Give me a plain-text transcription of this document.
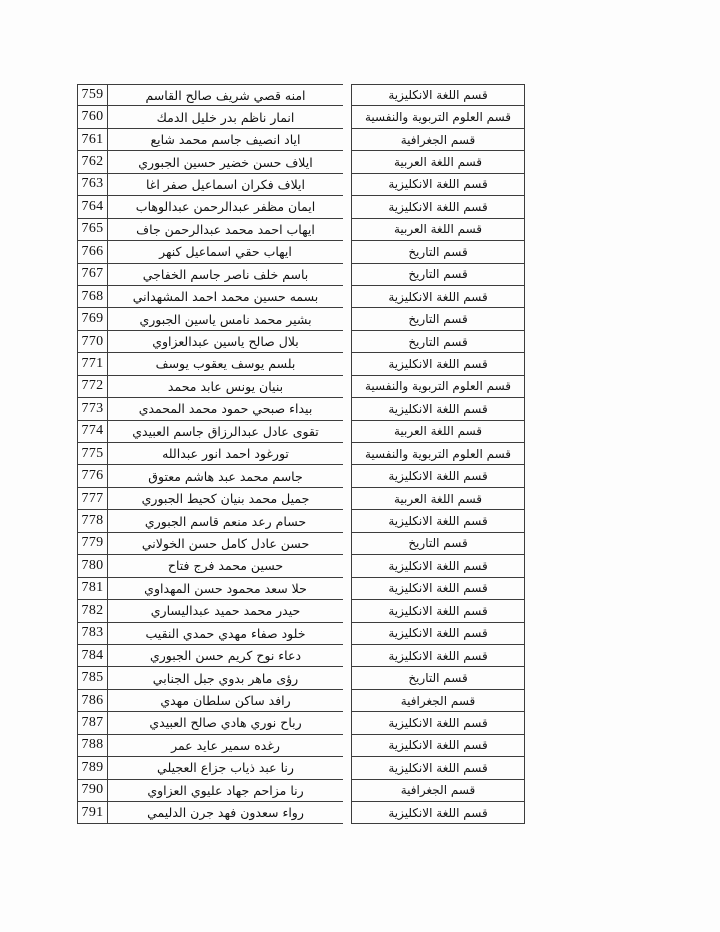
759	امنه قصي شريف صالح القاسم	قسم اللغة الانكليزية
760	انمار ناظم بدر خليل الدمك	قسم العلوم التربوية والنفسية
761	اياد انصيف جاسم محمد شايع	قسم الجغرافية
762	ايلاف حسن خضير حسين الجبوري	قسم اللغة العربية
763	ايلاف فكران اسماعيل صفر اغا	قسم اللغة الانكليزية
764	ايمان مظفر عبدالرحمن عبدالوهاب	قسم اللغة الانكليزية
765	ايهاب احمد محمد عبدالرحمن جاف	قسم اللغة العربية
766	ايهاب حقي اسماعيل كنهر	قسم التاريخ
767	باسم خلف ناصر جاسم الخفاجي	قسم التاريخ
768	بسمه حسين محمد احمد المشهداني	قسم اللغة الانكليزية
769	بشير محمد نامس ياسين الجبوري	قسم التاريخ
770	بلال صالح ياسين عبدالعزاوي	قسم التاريخ
771	بلسم يوسف يعقوب يوسف	قسم اللغة الانكليزية
772	بنيان يونس عابد محمد	قسم العلوم التربوية والنفسية
773	بيداء صبحي حمود محمد المحمدي	قسم اللغة الانكليزية
774	تقوى عادل عبدالرزاق جاسم العبيدي	قسم اللغة العربية
775	تورغود احمد انور عبدالله	قسم العلوم التربوية والنفسية
776	جاسم محمد عبد هاشم معتوق	قسم اللغة الانكليزية
777	جميل محمد بنيان كحيط الجبوري	قسم اللغة العربية
778	حسام رعد منعم قاسم الجبوري	قسم اللغة الانكليزية
779	حسن عادل كامل حسن الخولاني	قسم التاريخ
780	حسين محمد فرج فتاح	قسم اللغة الانكليزية
781	حلا سعد محمود حسن المهداوي	قسم اللغة الانكليزية
782	حيدر محمد حميد عبداليساري	قسم اللغة الانكليزية
783	خلود صفاء مهدي حمدي النقيب	قسم اللغة الانكليزية
784	دعاء نوح كريم حسن الجبوري	قسم اللغة الانكليزية
785	رؤى ماهر بدوي جبل الجنابي	قسم التاريخ
786	رافد ساكن سلطان مهدي	قسم الجغرافية
787	رباح نوري هادي صالح العبيدي	قسم اللغة الانكليزية
788	رغده سمير عايد عمر	قسم اللغة الانكليزية
789	رنا عبد ذياب جزاع العجيلي	قسم اللغة الانكليزية
790	رنا مزاحم جهاد عليوي العزاوي	قسم الجغرافية
791	رواء سعدون فهد جرن الدليمي	قسم اللغة الانكليزية
